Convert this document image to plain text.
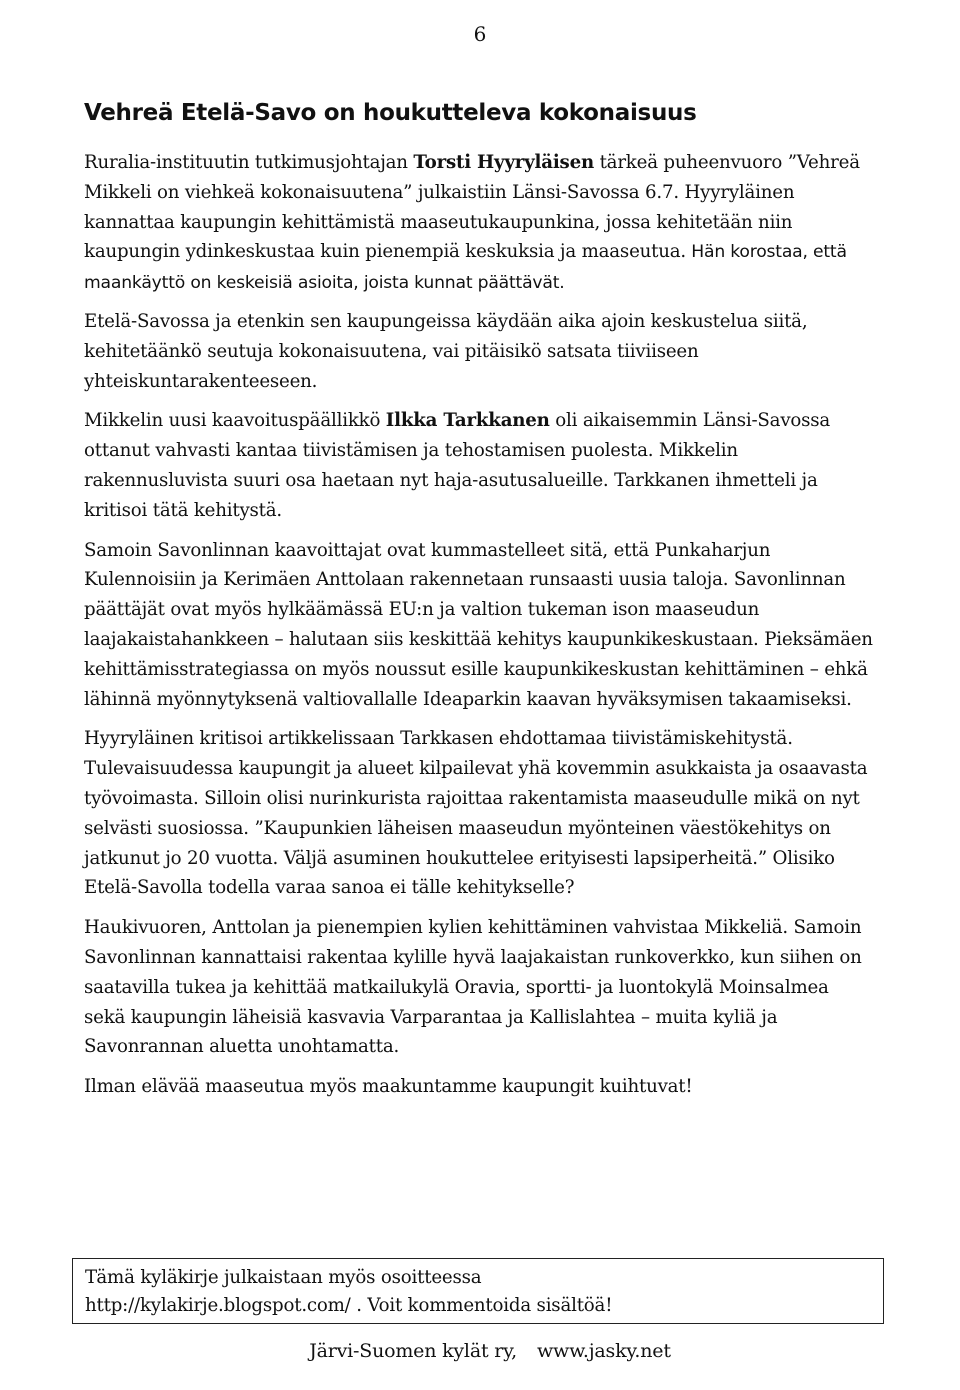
6
Vehreä Etelä-Savo on houkutteleva kokonaisuus

Ruralia-instituutin tutkimusjohtajan Torsti Hyyryläisen tärkeä puheenvuoro ”Vehreä Mikkeli on viehkeä kokonaisuutena” julkaistiin Länsi-Savossa 6.7. Hyyryläinen kannattaa kaupungin kehittämistä maaseutukaupunkina, jossa kehitetään niin kaupungin ydinkeskustaa kuin pienempiä keskuksia ja maaseutua. Hän korostaa, että maankäyttö on keskeisiä asioita, joista kunnat päättävät.

Etelä-Savossa ja etenkin sen kaupungeissa käydään aika ajoin keskustelua siitä, kehitetäänkö seutuja kokonaisuutena, vai pitäisikö satsata tiiviiseen yhteiskuntarakenteeseen.

Mikkelin uusi kaavoituspäällikkö Ilkka Tarkkanen oli aikaisemmin Länsi-Savossa ottanut vahvasti kantaa tiivistämisen ja tehostamisen puolesta. Mikkelin rakennusluvista suuri osa haetaan nyt haja-asutusalueille. Tarkkanen ihmetteli ja kritisoi tätä kehitystä.

Samoin Savonlinnan kaavoittajat ovat kummastelleet sitä, että Punkaharjun Kulennoisiin ja Kerimäen Anttolaan rakennetaan runsaasti uusia taloja. Savonlinnan päättäjät ovat myös hylkäämässä EU:n ja valtion tukeman ison maaseudun laajakaistahankkeen – halutaan siis keskittää kehitys kaupunkikeskustaan. Pieksämäen kehittämisstrategiassa on myös noussut esille kaupunkikeskustan kehittäminen – ehkä lähinnä myönnytyksenä valtiovallalle Ideaparkin kaavan hyväksymisen takaamiseksi.

Hyyryläinen kritisoi artikkelissaan Tarkkasen ehdottamaa tiivistämiskehitystä. Tulevaisuudessa kaupungit ja alueet kilpailevat yhä kovemmin asukkaista ja osaavasta työvoimasta. Silloin olisi nurinkurista rajoittaa rakentamista maaseudulle mikä on nyt selvästi suosiossa. ”Kaupunkien läheisen maaseudun myönteinen väestökehitys on jatkunut jo 20 vuotta. Väljä asuminen houkuttelee erityisesti lapsiperheitä.” Olisiko Etelä-Savolla todella varaa sanoa ei tälle kehitykselle?

Haukivuoren, Anttolan ja pienempien kylien kehittäminen vahvistaa Mikkeliä. Samoin Savonlinnan kannattaisi rakentaa kylille hyvä laajakaistan runkoverkko, kun siihen on saatavilla tukea ja kehittää matkailukylä Oravia, sportti- ja luontokylä Moinsalmea sekä kaupungin läheisiä kasvavia Varparantaa ja Kallislahtea – muita kyliä ja Savonrannan aluetta unohtamatta.

Ilman elävää maaseutua myös maakuntamme kaupungit kuihtuvat!

Tämä kyläkirje julkaistaan myös osoitteessa
http://kylakirje.blogspot.com/ . Voit kommentoida sisältöä!
Järvi-Suomen kylät ry, www.jasky.net
